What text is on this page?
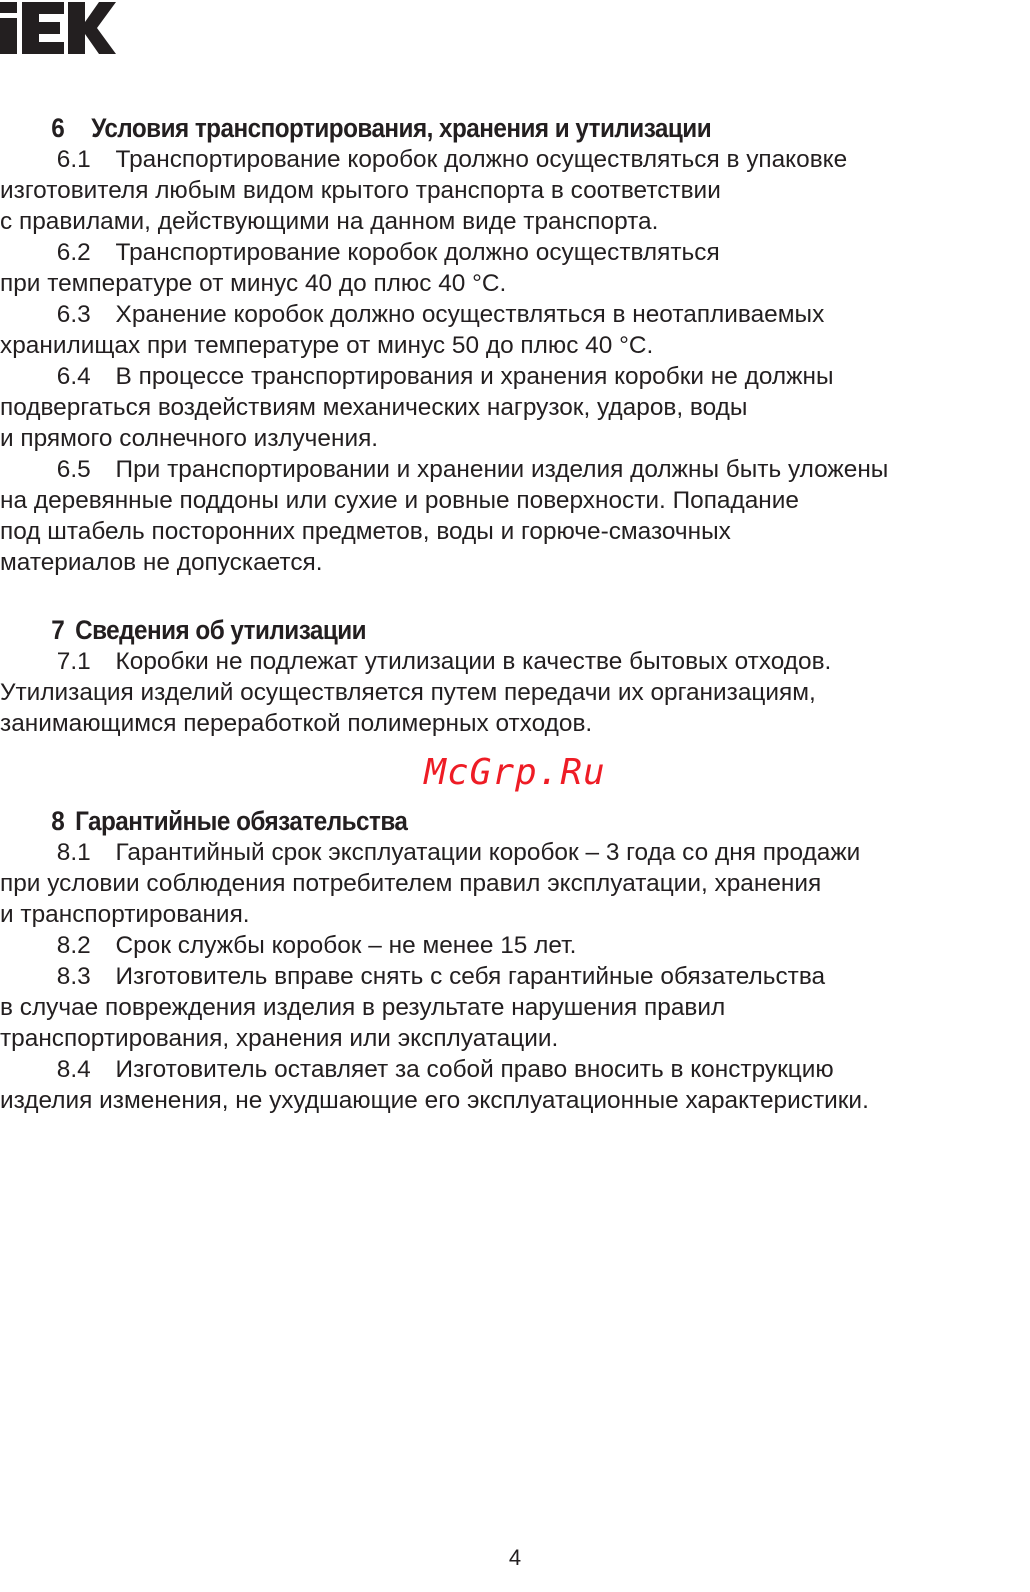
6 Условия транспортирования, хранения и утилизации

6.1 Транспортирование коробок должно осуществляться в упаковке
изготовителя любым видом крытого транспорта в соответствии
с правилами, действующими на данном виде транспорта.

6.2 Транспортирование коробок должно осуществляться
при температуре от минус 40 до плюс 40 °С.

6.3 Хранение коробок должно осуществляться в неотапливаемых
хранилищах при температуре от минус 50 до плюс 40 °С.

6.4 В процессе транспортирования и хранения коробки не должны
подвергаться воздействиям механических нагрузок, ударов, воды
и прямого солнечного излучения.

6.5 При транспортировании и хранении изделия должны быть уложены
на деревянные поддоны или сухие и ровные поверхности. Попадание
под штабель посторонних предметов, воды и горюче-смазочных
материалов не допускается.

7 Сведения об утилизации

7.1 Коробки не подлежат утилизации в качестве бытовых отходов.
Утилизация изделий осуществляется путем передачи их организациям,
занимающимся переработкой полимерных отходов.

McGrp.Ru
8 Гарантийные обязательства

8.1 Гарантийный срок эксплуатации коробок – 3 года со дня продажи
при условии соблюдения потребителем правил эксплуатации, хранения
и транспортирования.

8.2 Срок службы коробок – не менее 15 лет.

8.3 Изготовитель вправе снять с себя гарантийные обязательства
в случае повреждения изделия в результате нарушения правил
транспортирования, хранения или эксплуатации.

8.4 Изготовитель оставляет за собой право вносить в конструкцию
изделия изменения, не ухудшающие его эксплуатационные характеристики.

4
